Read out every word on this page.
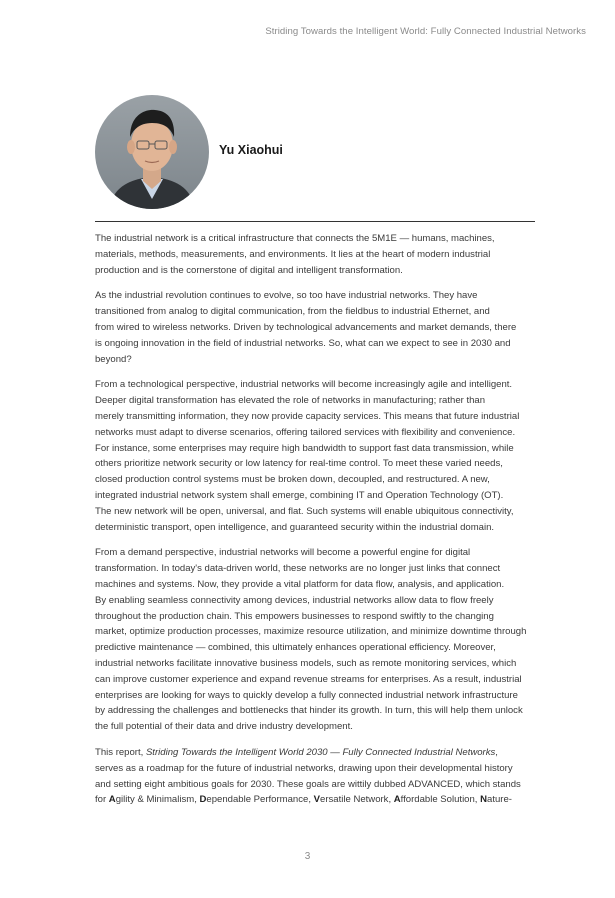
Striding Towards the Intelligent World: Fully Connected Industrial Networks
Yu Xiaohui

The industrial network is a critical infrastructure that connects the 5M1E — humans, machines,
materials, methods, measurements, and environments. It lies at the heart of modern industrial
production and is the cornerstone of digital and intelligent transformation.

As the industrial revolution continues to evolve, so too have industrial networks. They have
transitioned from analog to digital communication, from the fieldbus to industrial Ethernet, and
from wired to wireless networks. Driven by technological advancements and market demands, there
is ongoing innovation in the field of industrial networks. So, what can we expect to see in 2030 and
beyond?

From a technological perspective, industrial networks will become increasingly agile and intelligent.
Deeper digital transformation has elevated the role of networks in manufacturing; rather than
merely transmitting information, they now provide capacity services. This means that future industrial
networks must adapt to diverse scenarios, offering tailored services with flexibility and convenience.
For instance, some enterprises may require high bandwidth to support fast data transmission, while
others prioritize network security or low latency for real-time control. To meet these varied needs,
closed production control systems must be broken down, decoupled, and restructured. A new,
integrated industrial network system shall emerge, combining IT and Operation Technology (OT).
The new network will be open, universal, and flat. Such systems will enable ubiquitous connectivity,
deterministic transport, open intelligence, and guaranteed security within the industrial domain.

From a demand perspective, industrial networks will become a powerful engine for digital
transformation. In today's data-driven world, these networks are no longer just links that connect
machines and systems. Now, they provide a vital platform for data flow, analysis, and application.
By enabling seamless connectivity among devices, industrial networks allow data to flow freely
throughout the production chain. This empowers businesses to respond swiftly to the changing
market, optimize production processes, maximize resource utilization, and minimize downtime through
predictive maintenance — combined, this ultimately enhances operational efficiency. Moreover,
industrial networks facilitate innovative business models, such as remote monitoring services, which
can improve customer experience and expand revenue streams for enterprises. As a result, industrial
enterprises are looking for ways to quickly develop a fully connected industrial network infrastructure
by addressing the challenges and bottlenecks that hinder its growth. In turn, this will help them unlock
the full potential of their data and drive industry development.

This report, Striding Towards the Intelligent World 2030 — Fully Connected Industrial Networks,
serves as a roadmap for the future of industrial networks, drawing upon their developmental history
and setting eight ambitious goals for 2030. These goals are wittily dubbed ADVANCED, which stands
for Agility & Minimalism, Dependable Performance, Versatile Network, Affordable Solution, Nature-

3
